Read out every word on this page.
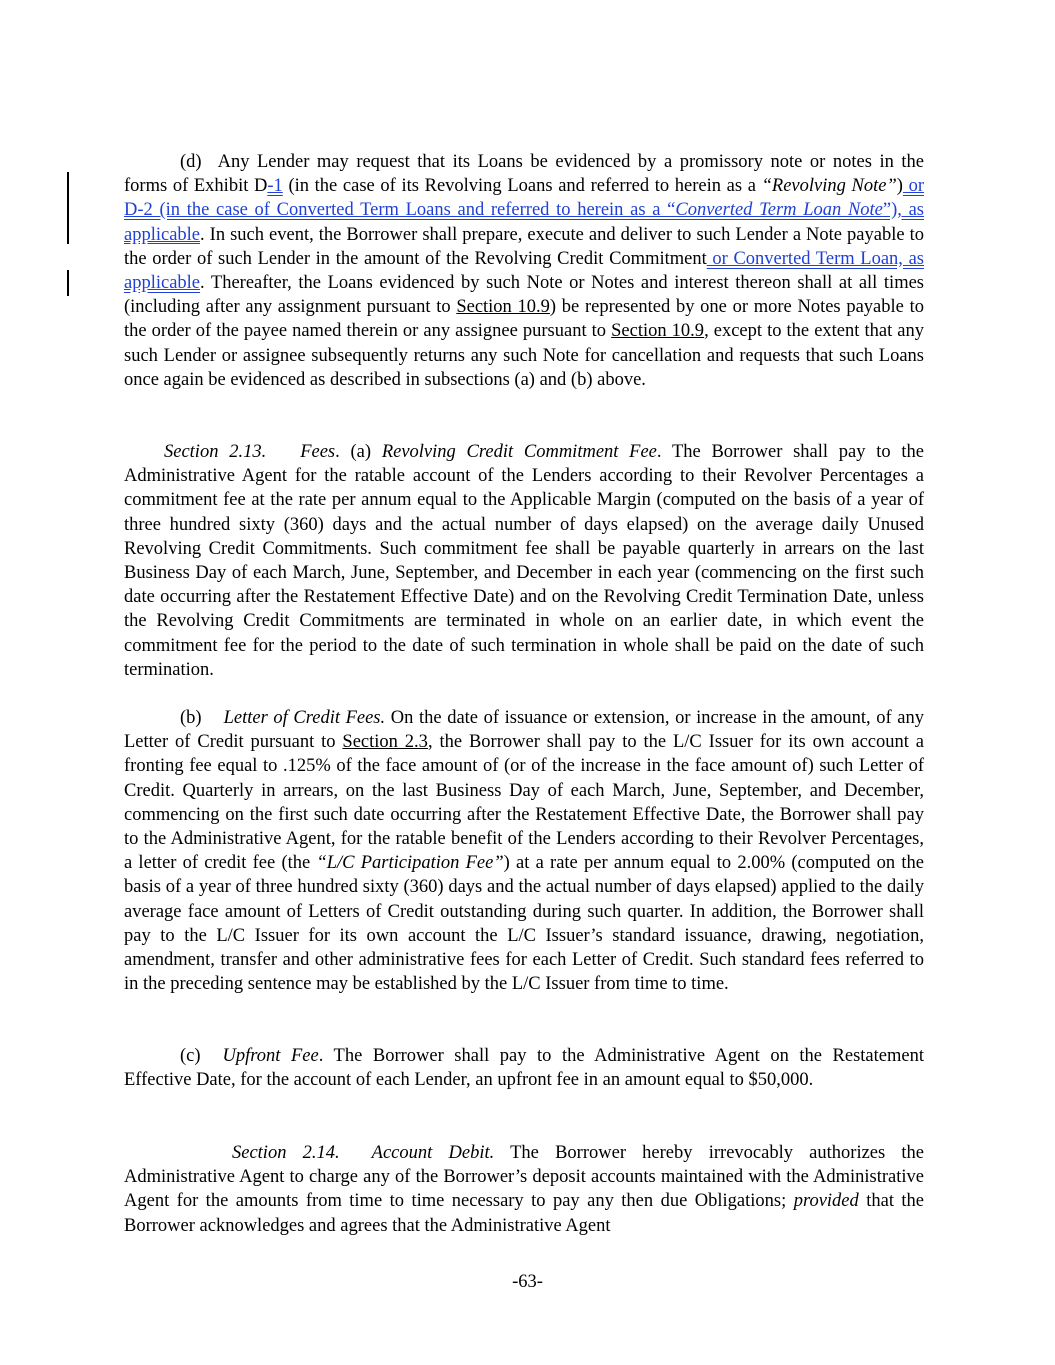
(d) Any Lender may request that its Loans be evidenced by a promissory note or notes in the forms of Exhibit D-1 (in the case of its Revolving Loans and referred to herein as a “Revolving Note”) or D-2 (in the case of Converted Term Loans and referred to herein as a “Converted Term Loan Note”), as applicable. In such event, the Borrower shall prepare, execute and deliver to such Lender a Note payable to the order of such Lender in the amount of the Revolving Credit Commitment or Converted Term Loan, as applicable. Thereafter, the Loans evidenced by such Note or Notes and interest thereon shall at all times (including after any assignment pursuant to Section 10.9) be represented by one or more Notes payable to the order of the payee named therein or any assignee pursuant to Section 10.9, except to the extent that any such Lender or assignee subsequently returns any such Note for cancellation and requests that such Loans once again be evidenced as described in subsections (a) and (b) above.

Section 2.13. Fees. (a) Revolving Credit Commitment Fee. The Borrower shall pay to the Administrative Agent for the ratable account of the Lenders according to their Revolver Percentages a commitment fee at the rate per annum equal to the Applicable Margin (computed on the basis of a year of three hundred sixty (360) days and the actual number of days elapsed) on the average daily Unused Revolving Credit Commitments. Such commitment fee shall be payable quarterly in arrears on the last Business Day of each March, June, September, and December in each year (commencing on the first such date occurring after the Restatement Effective Date) and on the Revolving Credit Termination Date, unless the Revolving Credit Commitments are terminated in whole on an earlier date, in which event the commitment fee for the period to the date of such termination in whole shall be paid on the date of such termination.

(b) Letter of Credit Fees. On the date of issuance or extension, or increase in the amount, of any Letter of Credit pursuant to Section 2.3, the Borrower shall pay to the L/C Issuer for its own account a fronting fee equal to .125% of the face amount of (or of the increase in the face amount of) such Letter of Credit. Quarterly in arrears, on the last Business Day of each March, June, September, and December, commencing on the first such date occurring after the Restatement Effective Date, the Borrower shall pay to the Administrative Agent, for the ratable benefit of the Lenders according to their Revolver Percentages, a letter of credit fee (the “L/C Participation Fee”) at a rate per annum equal to 2.00% (computed on the basis of a year of three hundred sixty (360) days and the actual number of days elapsed) applied to the daily average face amount of Letters of Credit outstanding during such quarter. In addition, the Borrower shall pay to the L/C Issuer for its own account the L/C Issuer’s standard issuance, drawing, negotiation, amendment, transfer and other administrative fees for each Letter of Credit. Such standard fees referred to in the preceding sentence may be established by the L/C Issuer from time to time.

(c) Upfront Fee. The Borrower shall pay to the Administrative Agent on the Restatement Effective Date, for the account of each Lender, an upfront fee in an amount equal to $50,000.

Section 2.14. Account Debit. The Borrower hereby irrevocably authorizes the Administrative Agent to charge any of the Borrower’s deposit accounts maintained with the Administrative Agent for the amounts from time to time necessary to pay any then due Obligations; provided that the Borrower acknowledges and agrees that the Administrative Agent

-63-
